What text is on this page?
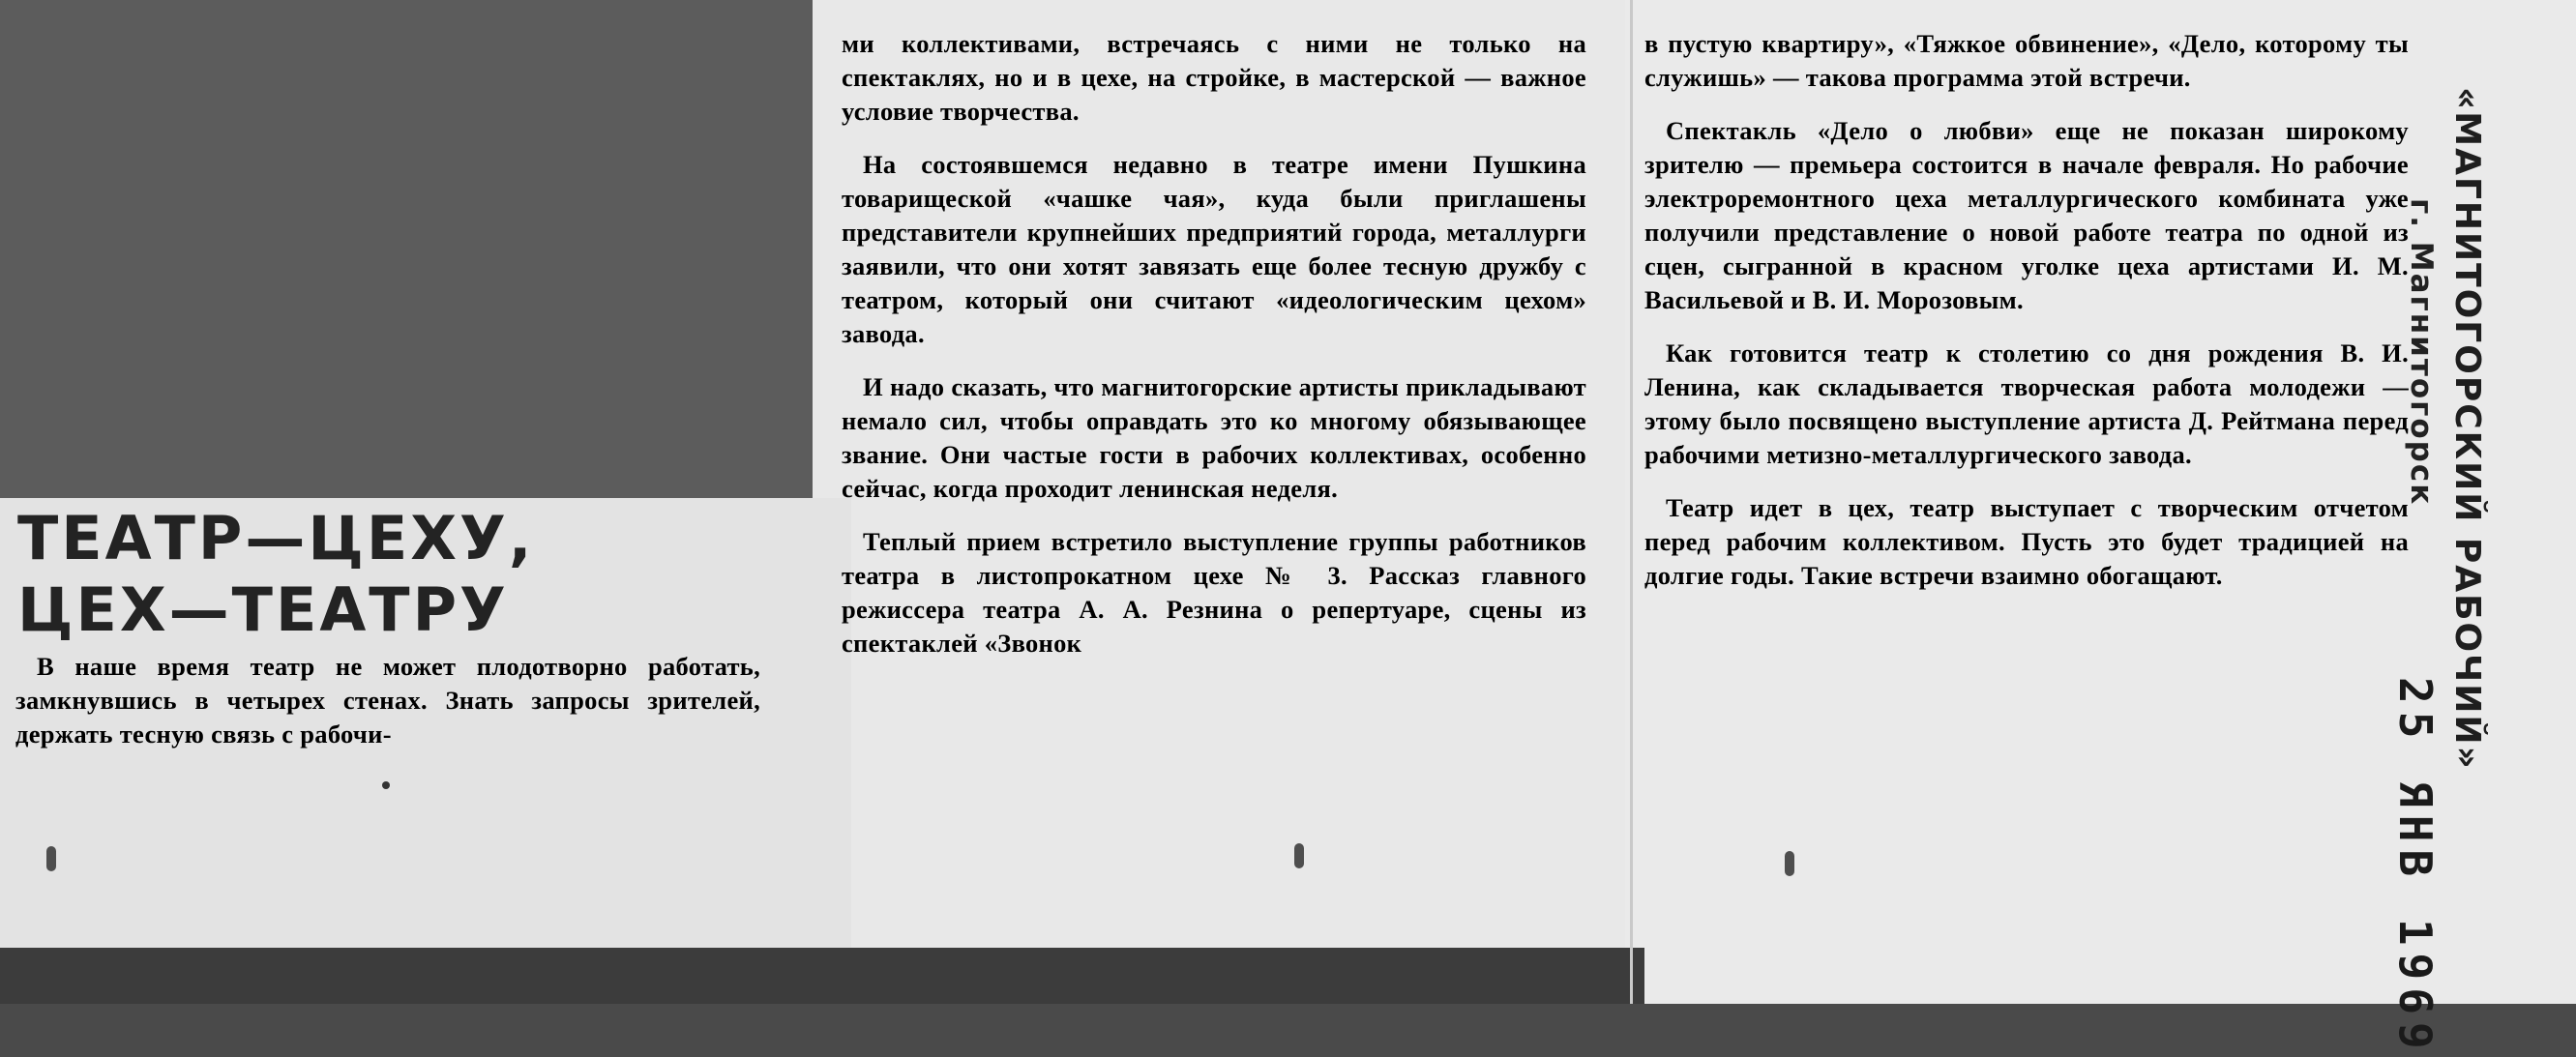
ТЕАТР—ЦЕХУ,
ЦЕХ—ТЕАТРУ

В наше время театр не может плодотворно работать, замкнувшись в четырех стенах. Знать запросы зрителей, держать тесную связь с рабочи-

ми коллективами, встречаясь с ними не только на спектаклях, но и в цехе, на стройке, в мастерской — важное условие творчества.

На состоявшемся недавно в театре имени Пушкина товарищеской «чашке чая», куда были приглашены представители крупнейших предприятий города, металлурги заявили, что они хотят завязать еще более тесную дружбу с театром, который они считают «идеологическим цехом» завода.

И надо сказать, что магнитогорские артисты прикладывают немало сил, чтобы оправдать это ко многому обязывающее звание. Они частые гости в рабочих коллективах, особенно сейчас, когда проходит ленинская неделя.

Теплый прием встретило выступление группы работников театра в листопрокатном цехе № 3. Рассказ главного режиссера театра А. А. Резнина о репертуаре, сцены из спектаклей «Звонок

в пустую квартиру», «Тяжкое обвинение», «Дело, которому ты служишь» — такова программа этой встречи.

Спектакль «Дело о любви» еще не показан широкому зрителю — премьера состоится в начале февраля. Но рабочие электроремонтного цеха металлургического комбината уже получили представление о новой работе театра по одной из сцен, сыгранной в красном уголке цеха артистами И. М. Васильевой и В. И. Морозовым.

Как готовится театр к столетию со дня рождения В. И. Ленина, как складывается творческая работа молодежи — этому было посвящено выступление артиста Д. Рейтмана перед рабочими метизно-металлургического завода.

Театр идет в цех, театр выступает с творческим отчетом перед рабочим коллективом. Пусть это будет традицией на долгие годы. Такие встречи взаимно обогащают.	«МАГНИТОГОРСКИЙ РАБОЧИЙ»
г. Магнитогорск
25 ЯНВ 1969
